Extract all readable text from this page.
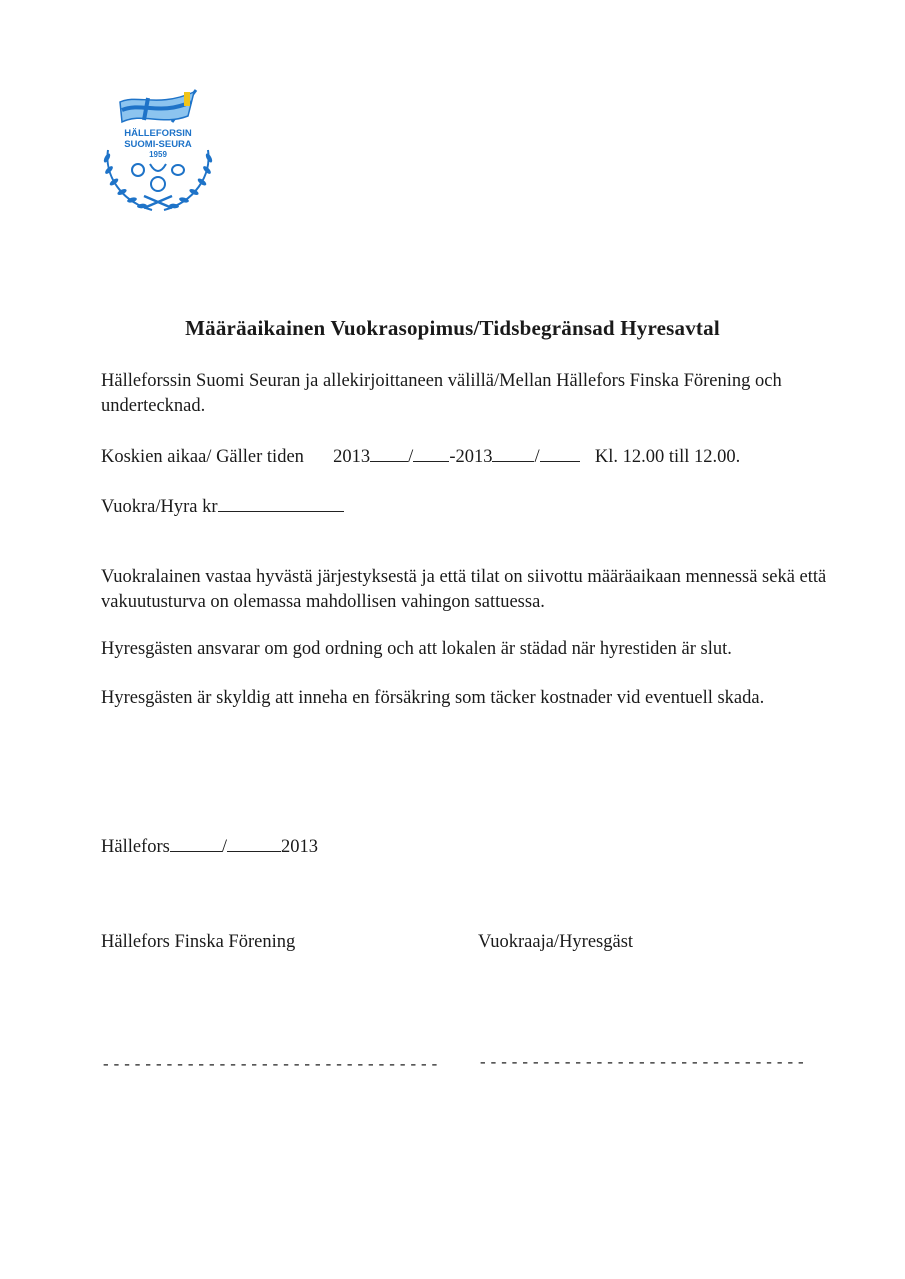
HÄLLEFORSIN
SUOMI-SEURA
1959
Määräaikainen Vuokrasopimus/Tidsbegränsad Hyresavtal

Hälleforssin Suomi Seuran ja allekirjoittaneen välillä/Mellan Hällefors Finska Förening och undertecknad.

Koskien aikaa/ Gäller tiden 2013 / -2013 /	Kl. 12.00 till 12.00.
Vuokra/Hyra kr

Vuokralainen vastaa hyvästä järjestyksestä ja että tilat on siivottu määräaikaan mennessä sekä että vakuutusturva on olemassa mahdollisen vahingon sattuessa.

Hyresgästen ansvarar om god ordning och att lokalen är städad när hyrestiden är slut.

Hyresgästen är skyldig att inneha en försäkring som täcker kostnader vid eventuell skada.

Hällefors	/	2013
Hällefors Finska Förening	Vuokraaja/Hyresgäst
-------------------------------- -------------------------------
